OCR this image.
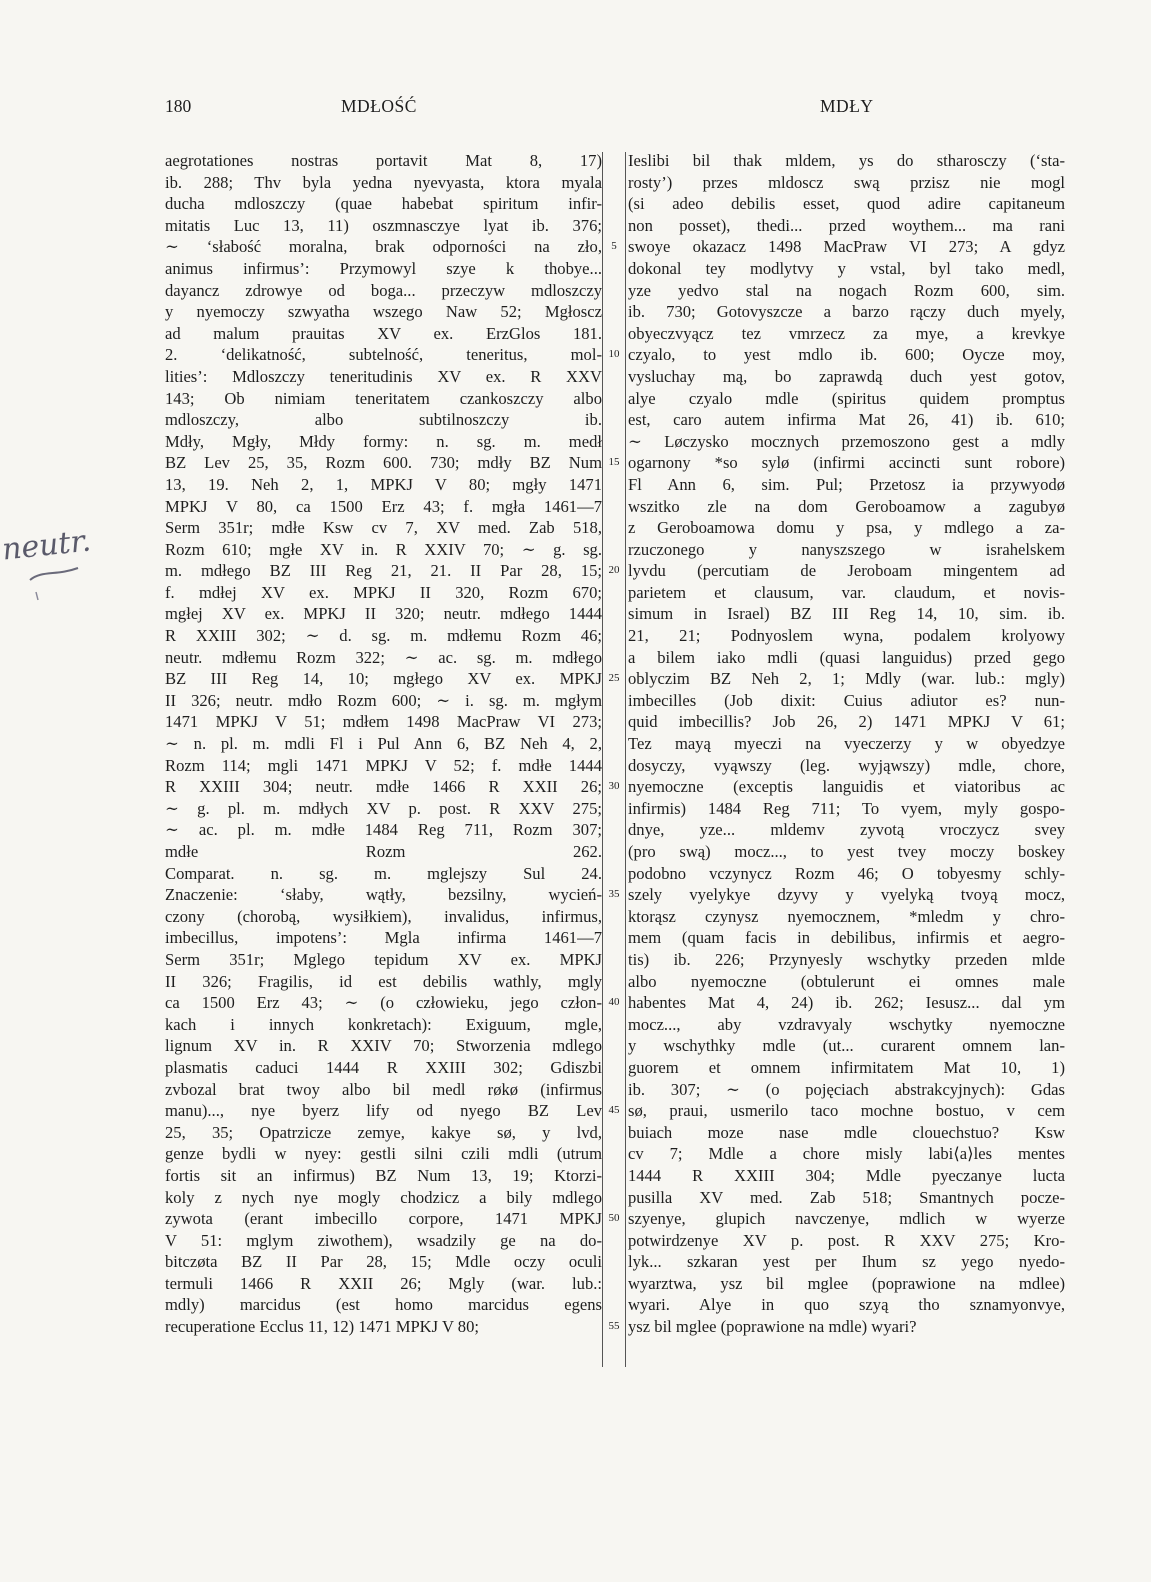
180	MDŁOŚĆ	MDŁY
aegrotationes nostras portavit Mat 8, 17)
ib. 288; Thv byla yedna nyevyasta, ktora myala
ducha mdloszczy (quae habebat spiritum infir-
mitatis Luc 13, 11) oszmnasczye lyat ib. 376;
∼ ‘słabość moralna, brak odporności na zło,
animus infirmus’: Przymowyl szye k thobye...
dayancz zdrowye od boga... przeczyw mdloszczy
y nyemoczy szwyatha wszego Naw 52; Mgłoscz
ad malum prauitas XV ex. ErzGlos 181.
2. ‘delikatność, subtelność, teneritus, mol-
lities’: Mdloszczy teneritudinis XV ex. R XXV
143; Ob nimiam teneritatem czankoszczy albo
mdloszczy, albo subtilnoszczy ib.
Mdły, Mgły, Młdy formy: n. sg. m. medł
BZ Lev 25, 35, Rozm 600. 730; mdły BZ Num
13, 19. Neh 2, 1, MPKJ V 80; mgły 1471
MPKJ V 80, ca 1500 Erz 43; f. mgła 1461—7
Serm 351r; mdłe Ksw cv 7, XV med. Zab 518,
Rozm 610; mgłe XV in. R XXIV 70; ∼ g. sg.
m. mdłego BZ III Reg 21, 21. II Par 28, 15;
f. mdłej XV ex. MPKJ II 320, Rozm 670;
mgłej XV ex. MPKJ II 320; neutr. mdłego 1444
R XXIII 302; ∼ d. sg. m. mdłemu Rozm 46;
neutr. mdłemu Rozm 322; ∼ ac. sg. m. mdłego
BZ III Reg 14, 10; mgłego XV ex. MPKJ
II 326; neutr. mdło Rozm 600; ∼ i. sg. m. mgłym
1471 MPKJ V 51; mdłem 1498 MacPraw VI 273;
∼ n. pl. m. mdli Fl i Pul Ann 6, BZ Neh 4, 2,
Rozm 114; mgli 1471 MPKJ V 52; f. mdłe 1444
R XXIII 304; neutr. mdłe 1466 R XXII 26;
∼ g. pl. m. mdłych XV p. post. R XXV 275;
∼ ac. pl. m. mdłe 1484 Reg 711, Rozm 307;
mdłe Rozm 262.
Comparat. n. sg. m. mglejszy Sul 24.
Znaczenie: ‘słaby, wątły, bezsilny, wycień-
czony (chorobą, wysiłkiem), invalidus, infirmus,
imbecillus, impotens’: Mgla infirma 1461—7
Serm 351r; Mglego tepidum XV ex. MPKJ
II 326; Fragilis, id est debilis wathly, mgly
ca 1500 Erz 43; ∼ (o człowieku, jego człon-
kach i innych konkretach): Exiguum, mgle,
lignum XV in. R XXIV 70; Stworzenia mdlego
plasmatis caduci 1444 R XXIII 302; Gdiszbi
zvbozal brat twoy albo bil medl røkø (infirmus
manu)..., nye byerz lify od nyego BZ Lev
25, 35; Opatrzicze zemye, kakye sø, y lvd,
genze bydli w nyey: gestli silni czili mdli (utrum
fortis sit an infirmus) BZ Num 13, 19; Ktorzi-
koly z nych nye mogly chodzicz a bily mdlego
zywota (erant imbecillo corpore, 1471 MPKJ
V 51: mglym ziwothem), wsadzily ge na do-
bitczøta BZ II Par 28, 15; Mdle oczy oculi
termuli 1466 R XXII 26; Mgly (war. lub.:
mdly) marcidus (est homo marcidus egens
recuperatione Ecclus 11, 12) 1471 MPKJ V 80;
5
10
15
20
25
30
35
40
45
50
55
Ieslibi bil thak mldem, ys do stharosczy (‘sta-
rosty’) przes mldoscz swą przisz nie mogl
(si adeo debilis esset, quod adire capitaneum
non posset), thedi... przed woythem... ma rani
swoye okazacz 1498 MacPraw VI 273; A gdyz
dokonal tey modlytvy y vstal, byl tako medl,
yze yedvo stal na nogach Rozm 600, sim.
ib. 730; Gotovyszcze a barzo rączy duch myely,
obyeczvyącz tez vmrzecz za mye, a krevkye
czyalo, to yest mdlo ib. 600; Oycze moy,
vysluchay mą, bo zaprawdą duch yest gotov,
alye czyalo mdle (spiritus quidem promptus
est, caro autem infirma Mat 26, 41) ib. 610;
∼ Løczysko mocznych przemoszono gest a mdly
ogarnony *so sylø (infirmi accincti sunt robore)
Fl Ann 6, sim. Pul; Przetosz ia przywyodø
wszitko zle na dom Geroboamow a zagubyø
z Geroboamowa domu y psa, y mdlego a za-
rzuczonego y nanyszszego w israhelskem
lyvdu (percutiam de Jeroboam mingentem ad
parietem et clausum, var. claudum, et novis-
simum in Israel) BZ III Reg 14, 10, sim. ib.
21, 21; Podnyoslem wyna, podalem krolyowy
a bilem iako mdli (quasi languidus) przed gego
oblyczim BZ Neh 2, 1; Mdly (war. lub.: mgly)
imbecilles (Job dixit: Cuius adiutor es? nun-
quid imbecillis? Job 26, 2) 1471 MPKJ V 61;
Tez mayą myeczi na vyeczerzy y w obyedzye
dosyczy, vyąwszy (leg. wyjąwszy) mdle, chore,
nyemoczne (exceptis languidis et viatoribus ac
infirmis) 1484 Reg 711; To vyem, myly gospo-
dnye, yze... mldemv zyvotą vroczycz svey
(pro swą) mocz..., to yest tvey moczy boskey
podobno vczynycz Rozm 46; O tobyesmy schly-
szely vyelykye dzyvy y vyelyką tvoyą mocz,
ktorąsz czynysz nyemocznem, *mledm y chro-
mem (quam facis in debilibus, infirmis et aegro-
tis) ib. 226; Przynyesly wschytky przeden mlde
albo nyemoczne (obtulerunt ei omnes male
habentes Mat 4, 24) ib. 262; Iesusz... dal ym
mocz..., aby vzdravyaly wschytky nyemoczne
y wschythky mdle (ut... curarent omnem lan-
guorem et omnem infirmitatem Mat 10, 1)
ib. 307; ∼ (o pojęciach abstrakcyjnych): Gdas
sø, praui, usmerilo taco mochne bostuo, v cem
buiach moze nase mdle clouechstuo? Ksw
cv 7; Mdle a chore misly labi⟨a⟩les mentes
1444 R XXIII 304; Mdle pyeczanye lucta
pusilla XV med. Zab 518; Smantnych pocze-
szyenye, glupich navczenye, mdlich w wyerze
potwirdzenye XV p. post. R XXV 275; Kro-
lyk... szkaran yest per Ihum sz yego nyedo-
wyarztwa, ysz bil mglee (poprawione na mdlee)
wyari. Alye in quo szyą tho sznamyonvye,
ysz bil mglee (poprawione na mdle) wyari?
neutr.
